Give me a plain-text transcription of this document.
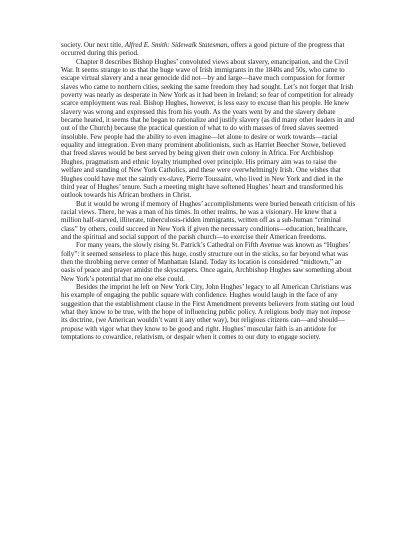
society. Our next title, Alfred E. Smith: Sidewalk Statesman, offers a good picture of the progress that occurred during this period.

Chapter 8 describes Bishop Hughes’ convoluted views about slavery, emancipation, and the Civil War. It seems strange to us that the huge wave of Irish immigrants in the 1840s and 50s, who came to escape virtual slavery and a near genocide did not—by and large—have much compassion for former slaves who came to northern cities, seeking the same freedom they had sought. Let’s not forget that Irish poverty was nearly as desperate in New York as it had been in Ireland; so fear of competition for already scarce employment was real. Bishop Hughes, however, is less easy to excuse than his people. He knew slavery was wrong and expressed this from his youth. As the years went by and the slavery debate became heated, it seems that he began to rationalize and justify slavery (as did many other leaders in and out of the Church) because the practical question of what to do with masses of freed slaves seemed insoluble. Few people had the ability to even imagine—let alone to desire or work towards—racial equality and integration. Even many prominent abolitionists, such as Harriet Beecher Stowe, believed that freed slaves would be best served by being given their own colony in Africa. For Archbishop Hughes, pragmatism and ethnic loyalty triumphed over principle. His primary aim was to raise the welfare and standing of New York Catholics, and these were overwhelmingly Irish. One wishes that Hughes could have met the saintly ex-slave, Pierre Toussaint, who lived in New York and died in the third year of Hughes’ tenure. Such a meeting might have softened Hughes’ heart and transformed his outlook towards his African brothers in Christ.

But it would be wrong if memory of Hughes’ accomplishments were buried beneath criticism of his racial views. There, he was a man of his times. In other realms, he was a visionary. He knew that a million half-starved, illiterate, tuberculosis-ridden immigrants, written off as a sub-human “criminal class” by others, could succeed in New York if given the necessary conditions—education, healthcare, and the spiritual and social support of the parish church—to exercise their American freedoms.

For many years, the slowly rising St. Patrick’s Cathedral on Fifth Avenue was known as “Hughes’ folly”: it seemed senseless to place this huge, costly structure out in the sticks, so far beyond what was then the throbbing nerve center of Manhattan Island. Today its location is considered “midtown,” an oasis of peace and prayer amidst the skyscrapers. Once again, Archbishop Hughes saw something about New York’s potential that no one else could.

Besides the imprint he left on New York City, John Hughes’ legacy to all American Christians was his example of engaging the public square with confidence. Hughes would laugh in the face of any suggestion that the establishment clause in the First Amendment prevents believers from stating out loud what they know to be true, with the hope of influencing public policy. A religious body may not impose its doctrine, (we American wouldn’t want it any other way), but religious citizens can—and should—propose with vigor what they know to be good and right. Hughes’ muscular faith is an antidote for temptations to cowardice, relativism, or despair when it comes to our duty to engage society.
